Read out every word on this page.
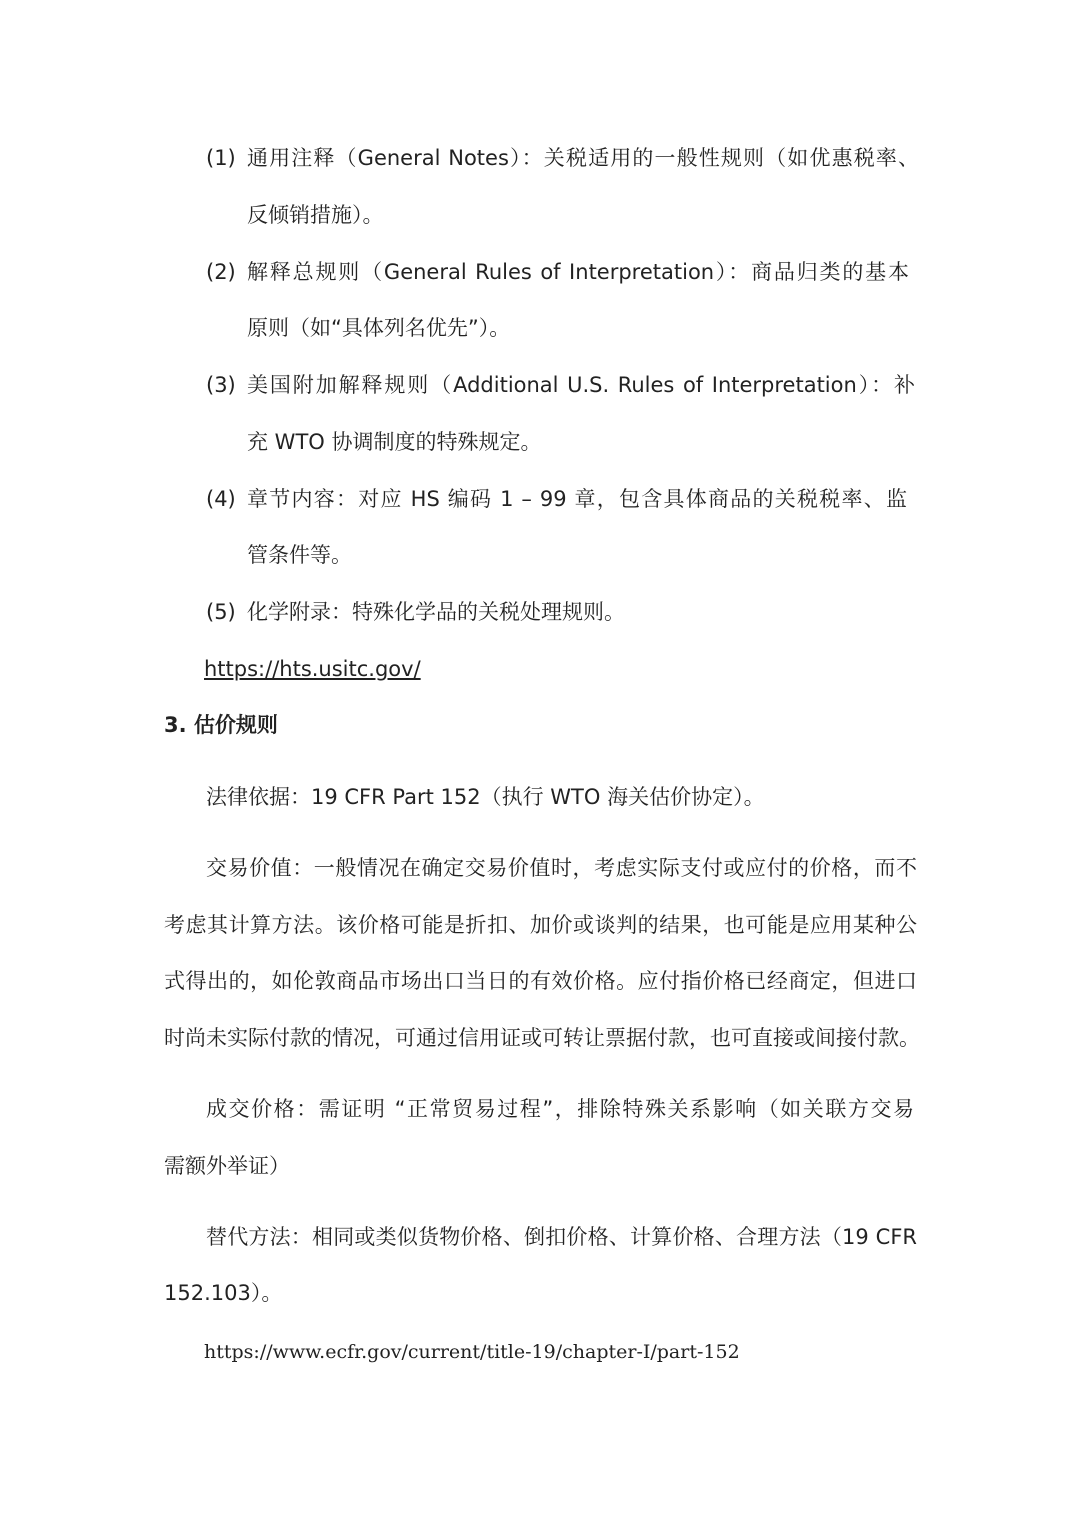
(1) 通用注释（General Notes）：关税适用的一般性规则（如优惠税率、
反倾销措施）。
(2) 解释总规则（General Rules of Interpretation）：商品归类的基本
原则（如“具体列名优先”）。
(3) 美国附加解释规则（Additional U.S. Rules of Interpretation）：补
充 WTO 协调制度的特殊规定。
(4) 章节内容：对应 HS 编码 1 – 99 章，包含具体商品的关税税率、监
管条件等。
(5) 化学附录：特殊化学品的关税处理规则。
https://hts.usitc.gov/
3. 估价规则
法律依据：19 CFR Part 152（执行 WTO 海关估价协定）。
交易价值：一般情况在确定交易价值时，考虑实际支付或应付的价格，而不
考虑其计算方法。该价格可能是折扣、加价或谈判的结果，也可能是应用某种公
式得出的，如伦敦商品市场出口当日的有效价格。应付指价格已经商定，但进口
时尚未实际付款的情况，可通过信用证或可转让票据付款，也可直接或间接付款。
成交价格：需证明 “正常贸易过程”，排除特殊关系影响（如关联方交易
需额外举证）
替代方法：相同或类似货物价格、倒扣价格、计算价格、合理方法（19 CFR
152.103）。
https://www.ecfr.gov/current/title-19/chapter-I/part-152
